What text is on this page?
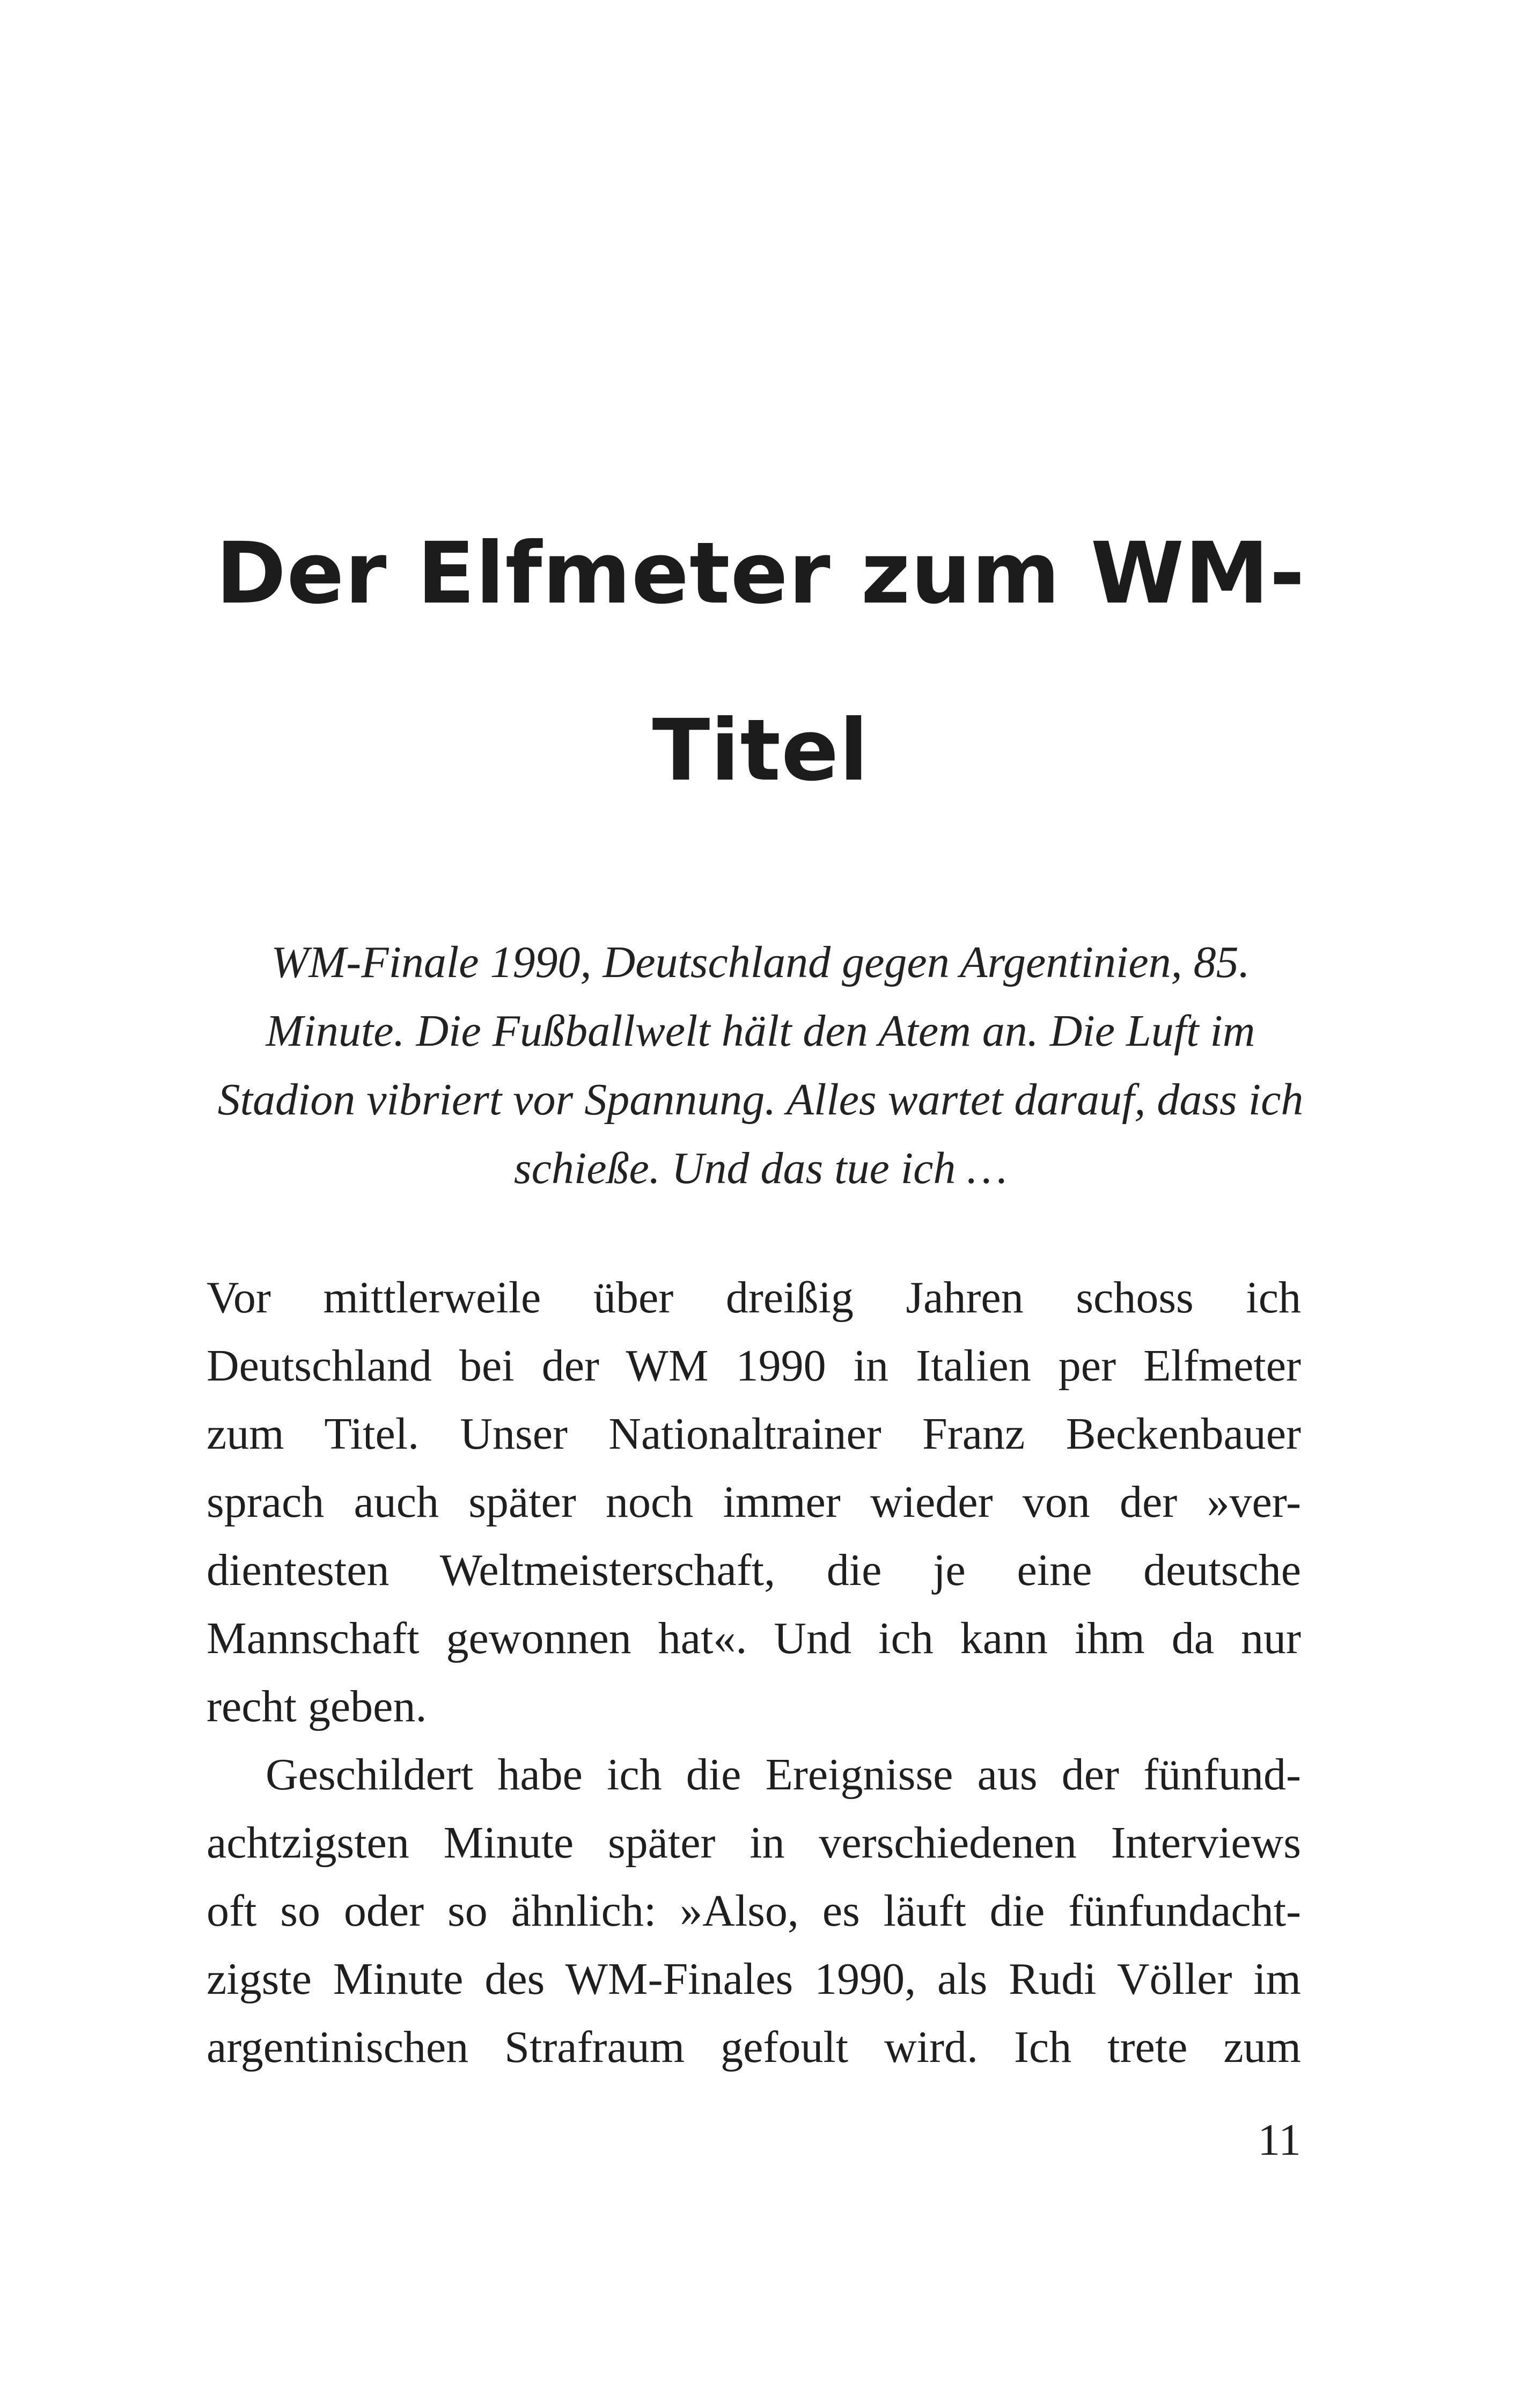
Der Elfmeter zum WM-
Titel
WM-Finale 1990, Deutschland gegen Argentinien, 85.
Minute. Die Fußballwelt hält den Atem an. Die Luft im
Stadion vibriert vor Spannung. Alles wartet darauf, dass ich
schieße. Und das tue ich …
Vor mittlerweile über dreißig Jahren schoss ich
Deutschland bei der WM 1990 in Italien per Elfmeter
zum Titel. Unser Nationaltrainer Franz Beckenbauer
sprach auch später noch immer wieder von der »ver-
dientesten Weltmeisterschaft, die je eine deutsche
Mannschaft gewonnen hat«. Und ich kann ihm da nur
recht geben.
Geschildert habe ich die Ereignisse aus der fünfund-
achtzigsten Minute später in verschiedenen Interviews
oft so oder so ähnlich: »Also, es läuft die fünfundacht-
zigste Minute des WM-Finales 1990, als Rudi Völler im
argentinischen Strafraum gefoult wird. Ich trete zum
11
